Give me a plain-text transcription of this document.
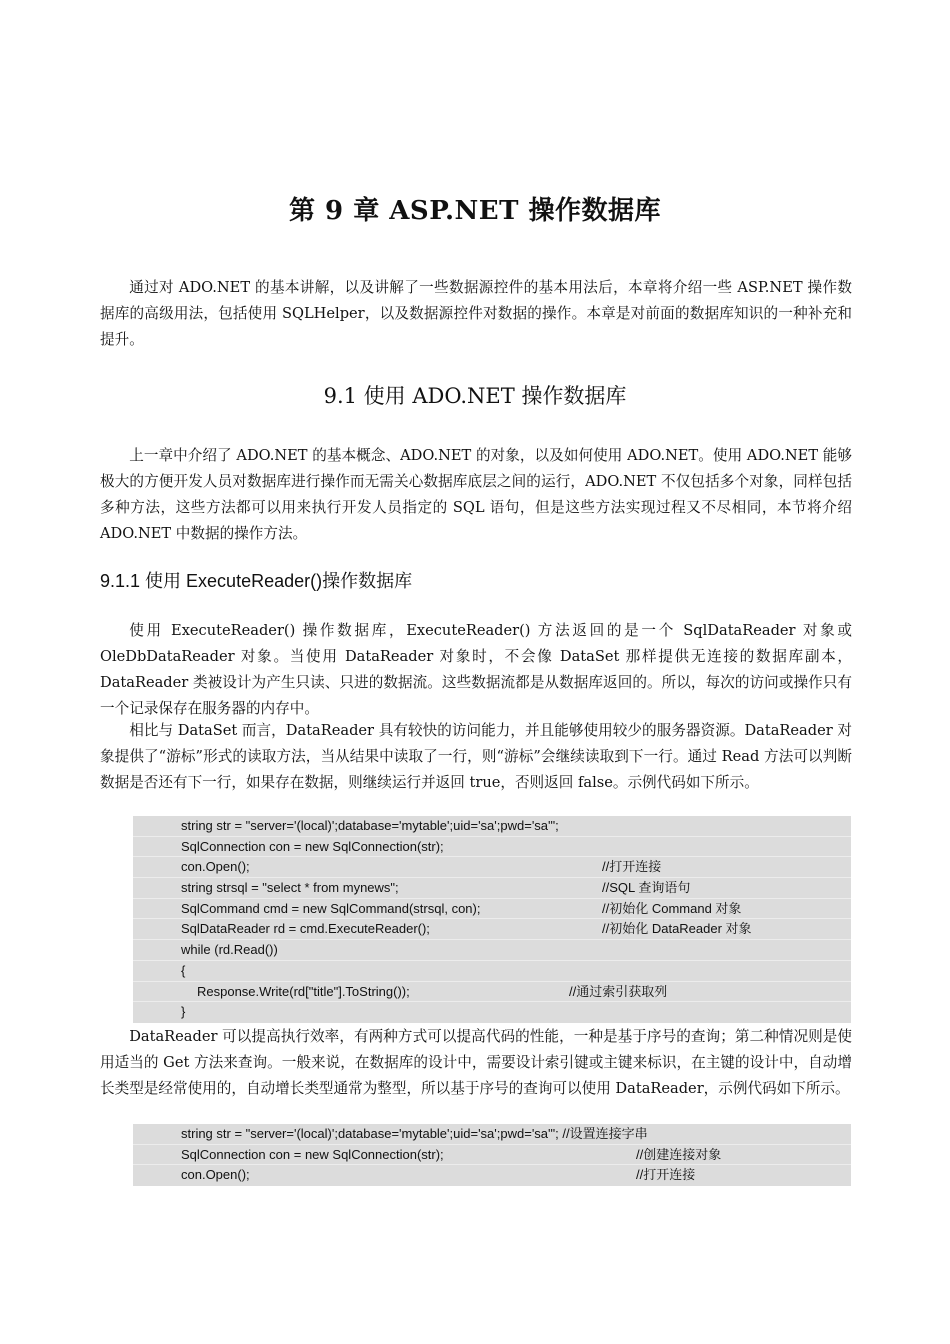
第 9 章 ASP.NET 操作数据库

通过对 ADO.NET 的基本讲解，以及讲解了一些数据源控件的基本用法后，本章将介绍一些 ASP.NET 操作数据库的高级用法，包括使用 SQLHelper，以及数据源控件对数据的操作。本章是对前面的数据库知识的一种补充和提升。

9.1 使用 ADO.NET 操作数据库

上一章中介绍了 ADO.NET 的基本概念、ADO.NET 的对象，以及如何使用 ADO.NET。使用 ADO.NET 能够极大的方便开发人员对数据库进行操作而无需关心数据库底层之间的运行，ADO.NET 不仅包括多个对象，同样包括多种方法，这些方法都可以用来执行开发人员指定的 SQL 语句，但是这些方法实现过程又不尽相同，本节将介绍 ADO.NET 中数据的操作方法。

9.1.1 使用 ExecuteReader()操作数据库

使用 ExecuteReader() 操作数据库，ExecuteReader() 方法返回的是一个 SqlDataReader 对象或 OleDbDataReader 对象。当使用 DataReader 对象时，不会像 DataSet 那样提供无连接的数据库副本，DataReader 类被设计为产生只读、只进的数据流。这些数据流都是从数据库返回的。所以，每次的访问或操作只有一个记录保存在服务器的内存中。

相比与 DataSet 而言，DataReader 具有较快的访问能力，并且能够使用较少的服务器资源。DataReader 对象提供了“游标”形式的读取方法，当从结果中读取了一行，则“游标”会继续读取到下一行。通过 Read 方法可以判断数据是否还有下一行，如果存在数据，则继续运行并返回 true，否则返回 false。示例代码如下所示。

string str = "server='(local)';database='mytable';uid='sa';pwd='sa'";
SqlConnection con = new SqlConnection(str);
con.Open();	//打开连接
string strsql = "select * from mynews";	//SQL 查询语句
SqlCommand cmd = new SqlCommand(strsql, con);	//初始化 Command 对象
SqlDataReader rd = cmd.ExecuteReader();	//初始化 DataReader 对象
while (rd.Read())
{
Response.Write(rd["title"].ToString());	//通过索引获取列
}

DataReader 可以提高执行效率，有两种方式可以提高代码的性能，一种是基于序号的查询；第二种情况则是使用适当的 Get 方法来查询。一般来说，在数据库的设计中，需要设计索引键或主键来标识，在主键的设计中，自动增长类型是经常使用的，自动增长类型通常为整型，所以基于序号的查询可以使用 DataReader，示例代码如下所示。

string str = "server='(local)';database='mytable';uid='sa';pwd='sa'"; //设置连接字串
SqlConnection con = new SqlConnection(str);	//创建连接对象
con.Open();	//打开连接
